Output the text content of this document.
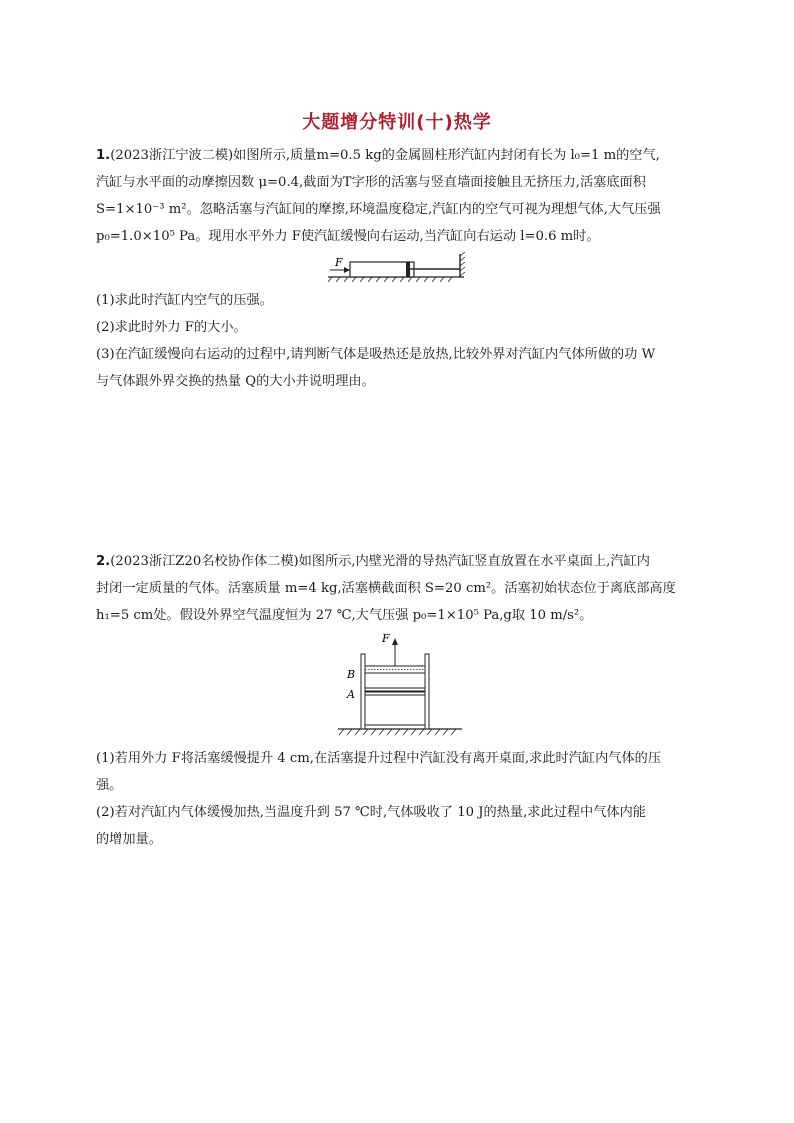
大题增分特训(十)热学
1.(2023浙江宁波二模)如图所示,质量m=0.5 kg的金属圆柱形汽缸内封闭有长为 l₀=1 m的空气,
汽缸与水平面的动摩擦因数 μ=0.4,截面为T字形的活塞与竖直墙面接触且无挤压力,活塞底面积
S=1×10⁻³ m²。忽略活塞与汽缸间的摩擦,环境温度稳定,汽缸内的空气可视为理想气体,大气压强
p₀=1.0×10⁵ Pa。现用水平外力 F使汽缸缓慢向右运动,当汽缸向右运动 l=0.6 m时。
F
(1)求此时汽缸内空气的压强。
(2)求此时外力 F的大小。
(3)在汽缸缓慢向右运动的过程中,请判断气体是吸热还是放热,比较外界对汽缸内气体所做的功 W
与气体跟外界交换的热量 Q的大小并说明理由。
2.(2023浙江Z20名校协作体二模)如图所示,内壁光滑的导热汽缸竖直放置在水平桌面上,汽缸内
封闭一定质量的气体。活塞质量 m=4 kg,活塞横截面积 S=20 cm²。活塞初始状态位于离底部高度
h₁=5 cm处。假设外界空气温度恒为 27 ℃,大气压强 p₀=1×10⁵ Pa,g取 10 m/s²。
F
B
A
(1)若用外力 F将活塞缓慢提升 4 cm,在活塞提升过程中汽缸没有离开桌面,求此时汽缸内气体的压
强。
(2)若对汽缸内气体缓慢加热,当温度升到 57 ℃时,气体吸收了 10 J的热量,求此过程中气体内能
的增加量。
